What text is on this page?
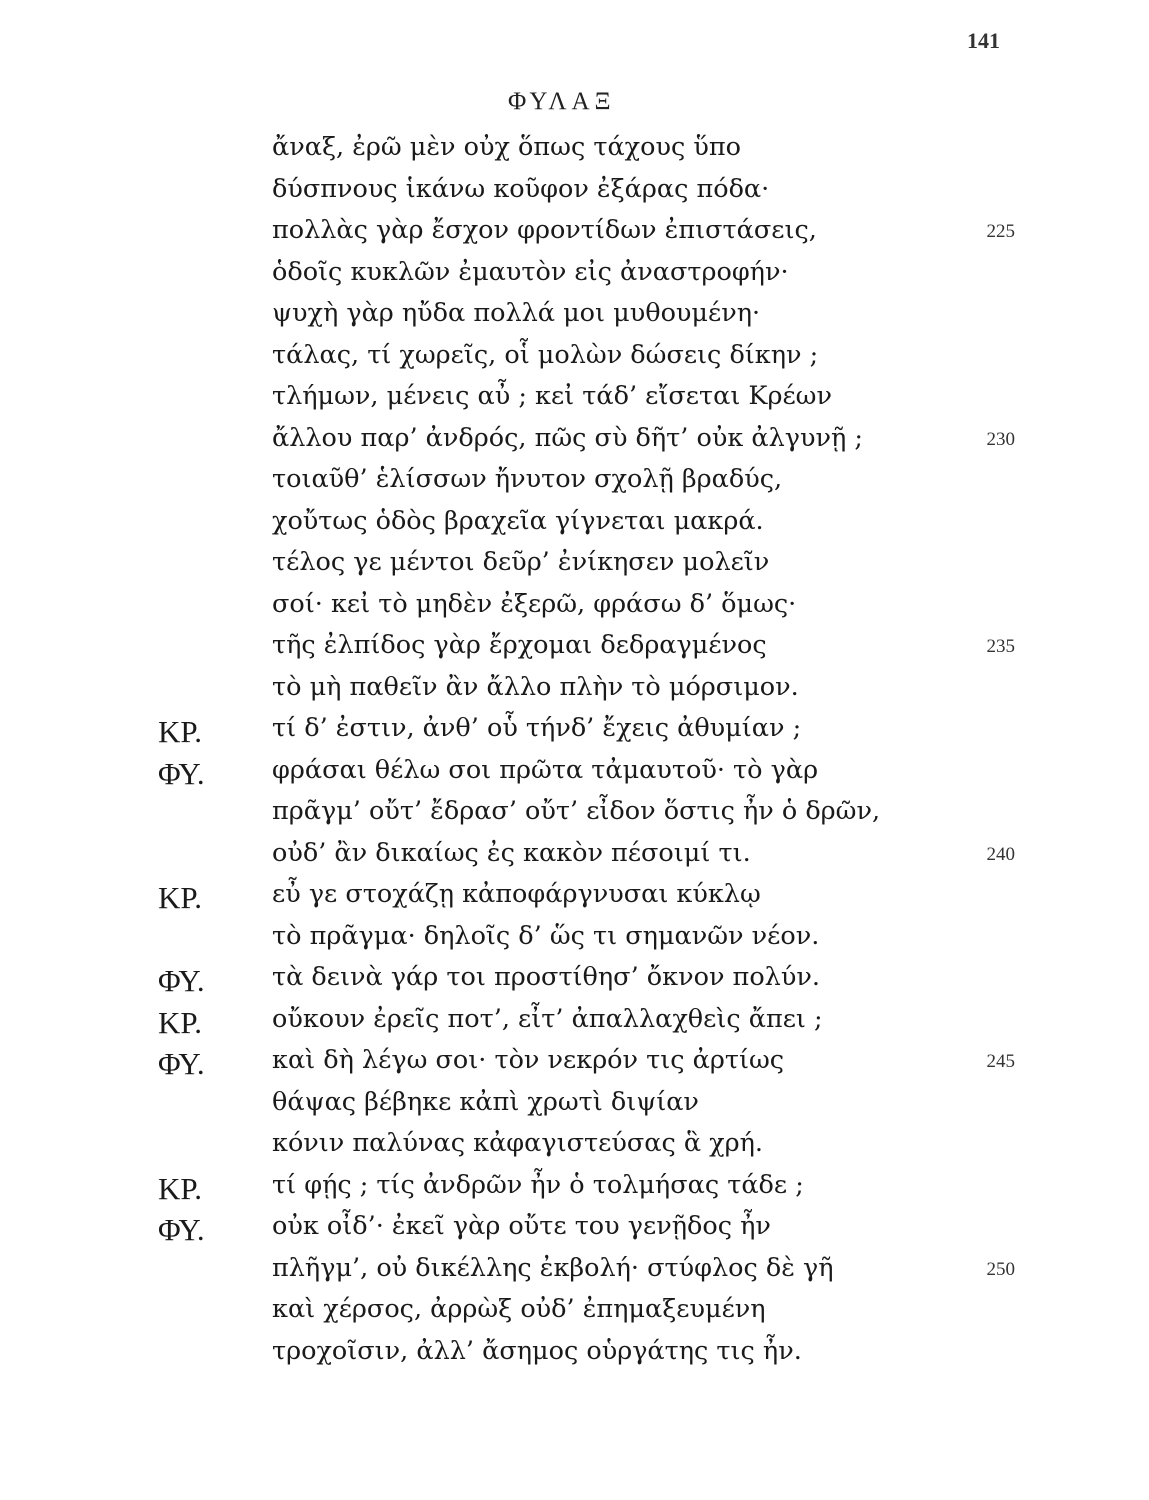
141
ΦΥΛΑΞ
ἄναξ, ἐρῶ μὲν οὐχ ὅπως τάχους ὕπο
δύσπνους ἱκάνω κοῦφον ἐξάρας πόδα·
πολλὰς γὰρ ἔσχον φροντίδων ἐπιστάσεις,	225
ὁδοῖς κυκλῶν ἐμαυτὸν εἰς ἀναστροφήν·
ψυχὴ γὰρ ηὔδα πολλά μοι μυθουμένη·
τάλας, τί χωρεῖς, οἷ μολὼν δώσεις δίκην ;
τλήμων, μένεις αὖ ; κεἰ τάδ’ εἴσεται Κρέων
ἄλλου παρ’ ἀνδρός, πῶς σὺ δῆτ’ οὐκ ἀλγυνῇ ;	230
τοιαῦθ’ ἑλίσσων ἤνυτον σχολῇ βραδύς,
χοὔτως ὁδὸς βραχεῖα γίγνεται μακρά.
τέλος γε μέντοι δεῦρ’ ἐνίκησεν μολεῖν
σοί· κεἰ τὸ μηδὲν ἐξερῶ, φράσω δ’ ὅμως·
τῆς ἐλπίδος γὰρ ἔρχομαι δεδραγμένος	235
τὸ μὴ παθεῖν ἂν ἄλλο πλὴν τὸ μόρσιμον.
ΚΡ.	τί δ’ ἐστιν, ἀνθ’ οὗ τήνδ’ ἔχεις ἀθυμίαν ;
ΦΥ.	φράσαι θέλω σοι πρῶτα τἀμαυτοῦ· τὸ γὰρ
πρᾶγμ’ οὔτ’ ἔδρασ’ οὔτ’ εἶδον ὅστις ἦν ὁ δρῶν,
οὐδ’ ἂν δικαίως ἐς κακὸν πέσοιμί τι.	240
ΚΡ.	εὖ γε στοχάζῃ κἀποφάργνυσαι κύκλῳ
τὸ πρᾶγμα· δηλοῖς δ’ ὥς τι σημανῶν νέον.
ΦΥ.	τὰ δεινὰ γάρ τοι προστίθησ’ ὄκνον πολύν.
ΚΡ.	οὔκουν ἐρεῖς ποτ’, εἶτ’ ἀπαλλαχθεὶς ἄπει ;
ΦΥ.	καὶ δὴ λέγω σοι· τὸν νεκρόν τις ἀρτίως	245
θάψας βέβηκε κἀπὶ χρωτὶ διψίαν
κόνιν παλύνας κἀφαγιστεύσας ἃ χρή.
ΚΡ.	τί φῄς ; τίς ἀνδρῶν ἦν ὁ τολμήσας τάδε ;
ΦΥ.	οὐκ οἶδ’· ἐκεῖ γὰρ οὔτε του γενῇδος ἦν
πλῆγμ’, οὐ δικέλλης ἐκβολή· στύφλος δὲ γῆ	250
καὶ χέρσος, ἀρρὼξ οὐδ’ ἐπημαξευμένη
τροχοῖσιν, ἀλλ’ ἄσημος οὑργάτης τις ἦν.
